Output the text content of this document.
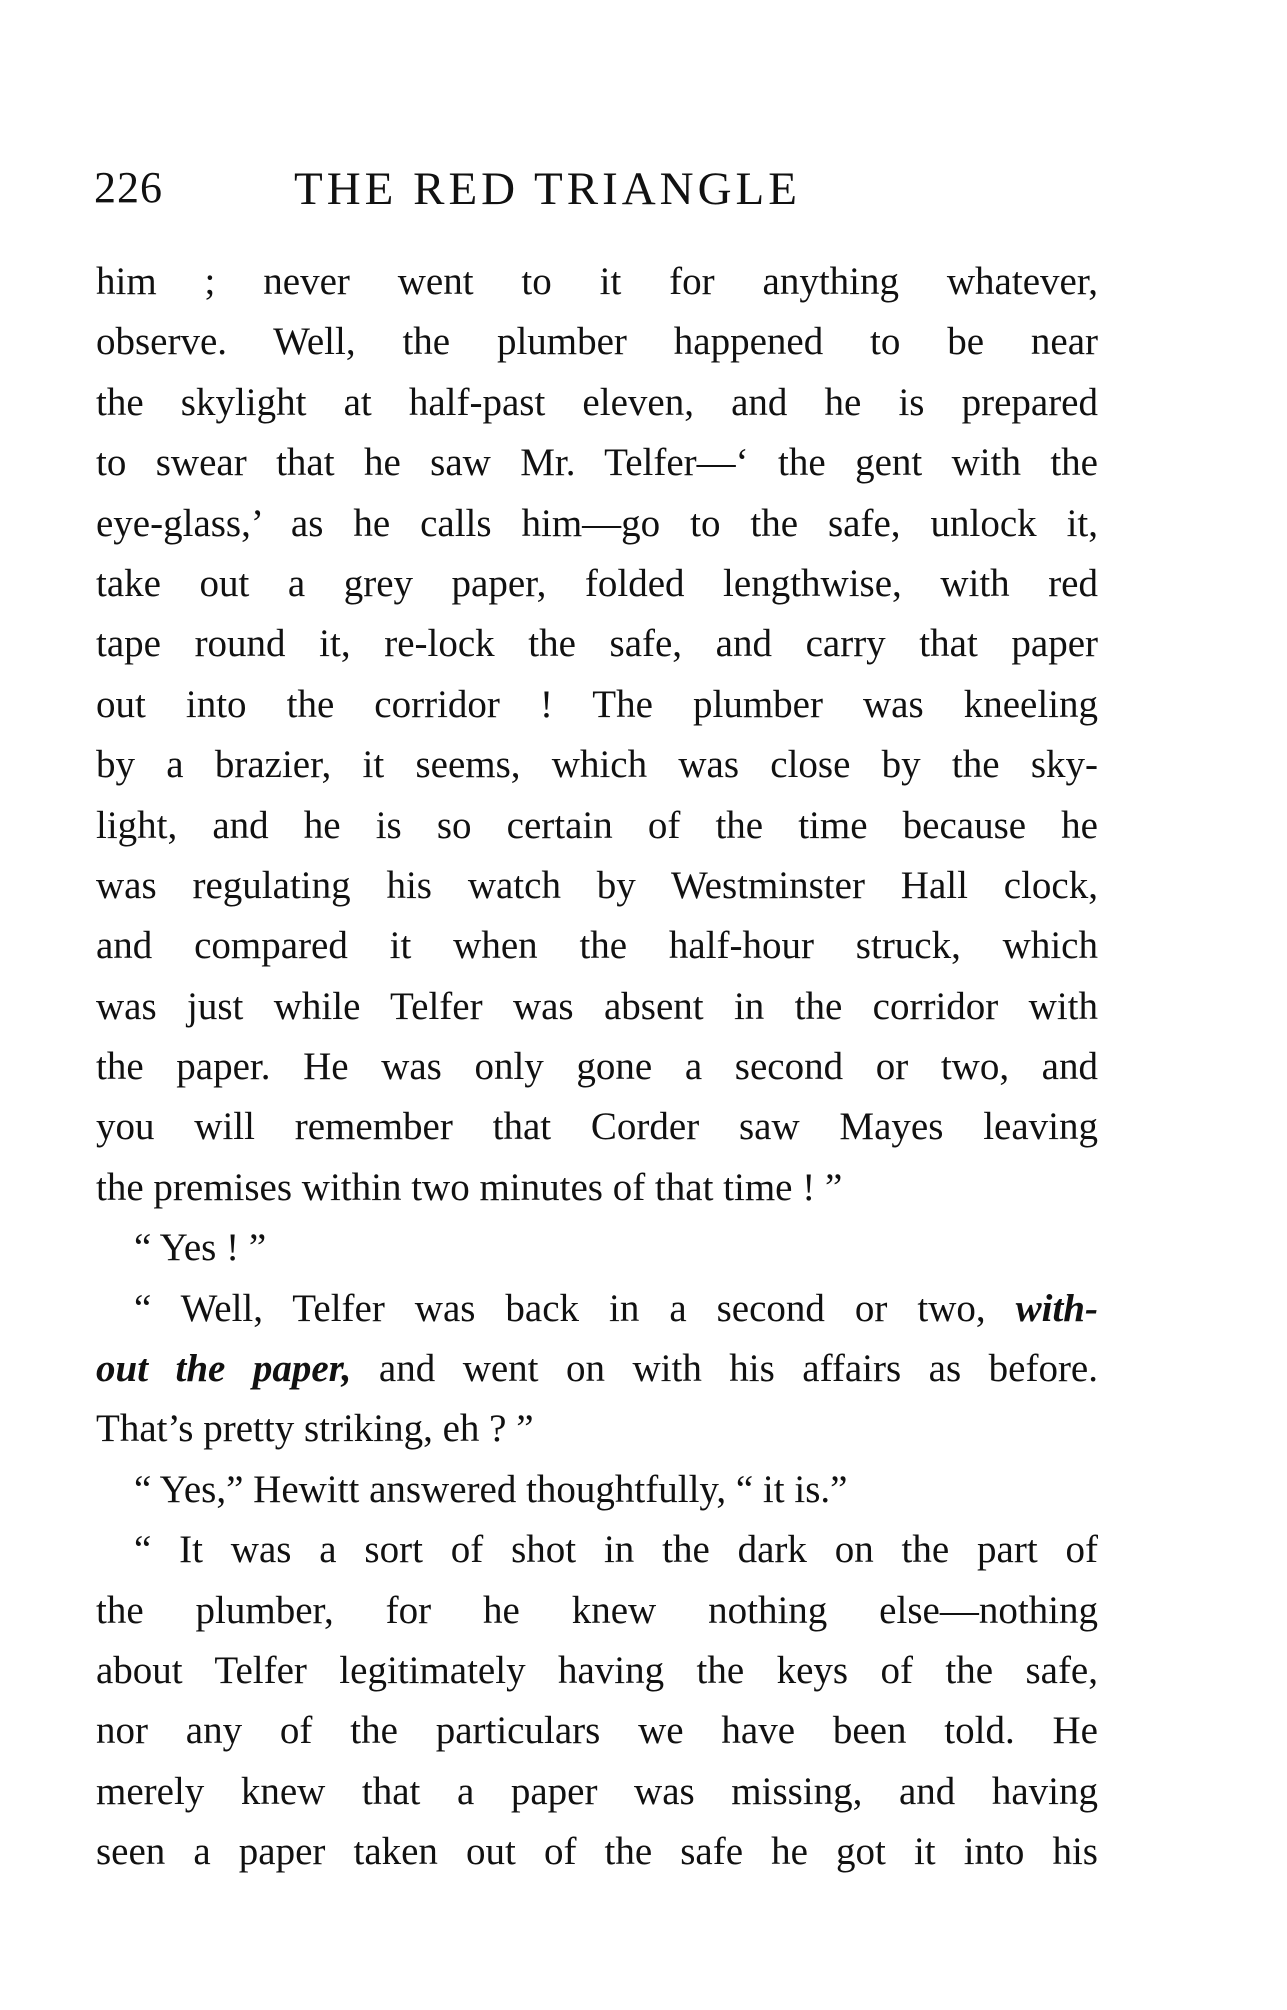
226	THE RED TRIANGLE
him ; never went to it for anything whatever,
observe. Well, the plumber happened to be near
the skylight at half-past eleven, and he is prepared
to swear that he saw Mr. Telfer—‘ the gent with the
eye-glass,’ as he calls him—go to the safe, unlock it,
take out a grey paper, folded lengthwise, with red
tape round it, re-lock the safe, and carry that paper
out into the corridor ! The plumber was kneeling
by a brazier, it seems, which was close by the sky-
light, and he is so certain of the time because he
was regulating his watch by Westminster Hall clock,
and compared it when the half-hour struck, which
was just while Telfer was absent in the corridor with
the paper. He was only gone a second or two, and
you will remember that Corder saw Mayes leaving
the premises within two minutes of that time ! ”
“ Yes ! ”
“ Well, Telfer was back in a second or two, with-
out the paper, and went on with his affairs as before.
That’s pretty striking, eh ? ”
“ Yes,” Hewitt answered thoughtfully, “ it is.”
“ It was a sort of shot in the dark on the part of
the plumber, for he knew nothing else—nothing
about Telfer legitimately having the keys of the safe,
nor any of the particulars we have been told. He
merely knew that a paper was missing, and having
seen a paper taken out of the safe he got it into his
